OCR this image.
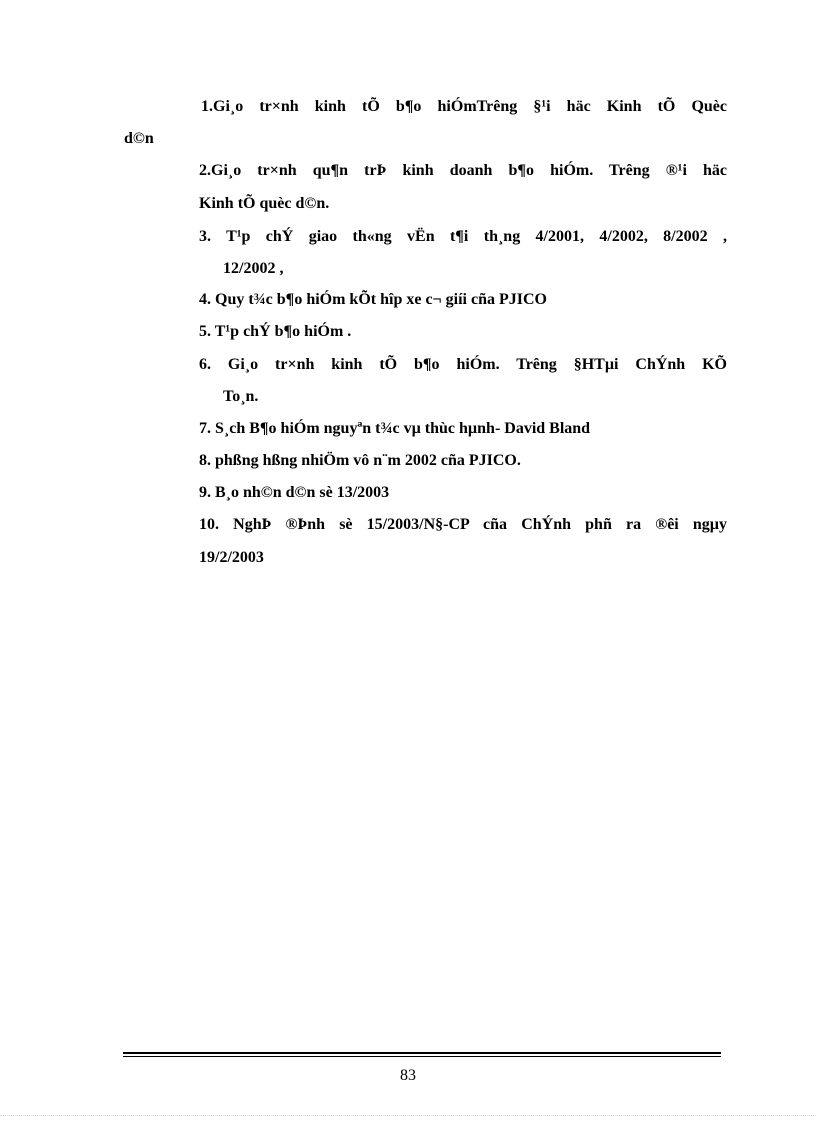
1.Gi¸o tr×nh kinh tÕ b¶o hiÓmTrêng §¹i häc Kinh tÕ Quèc
d©n
2.Gi¸o tr×nh qu¶n trÞ kinh doanh b¶o hiÓm. Trêng ®¹i häc
Kinh tÕ quèc d©n.
3. T¹p chÝ giao th«ng vËn t¶i th¸ng 4/2001, 4/2002, 8/2002 ,
12/2002 ,
4. Quy t¾c b¶o hiÓm kÕt hîp xe c¬ giíi cña PJICO
5. T¹p chÝ b¶o hiÓm .
6. Gi¸o tr×nh kinh tÕ b¶o hiÓm. Trêng §HTµi ChÝnh KÕ
To¸n.
7. S¸ch B¶o hiÓm nguyªn t¾c vµ thùc hµnh- David Bland
8. phßng hßng nhiÖm vô n¨m 2002 cña PJICO.
9. B¸o nh©n d©n sè 13/2003
10. NghÞ ®Þnh sè 15/2003/N§-CP cña ChÝnh phñ ra ®êi ngµy
19/2/2003
83
